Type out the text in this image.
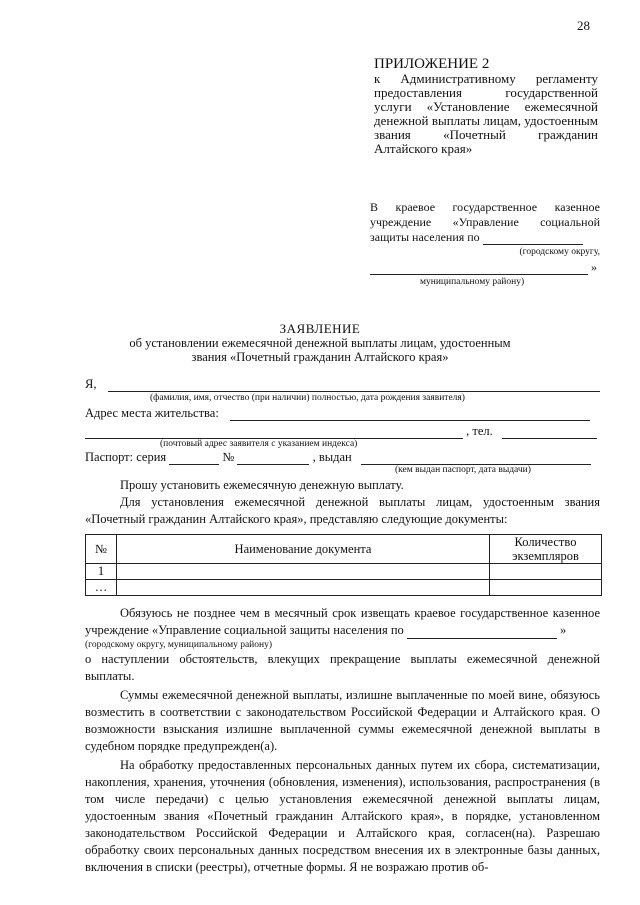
28
ПРИЛОЖЕНИЕ 2
к Административному регламенту предоставления государственной услуги «Установление ежемесячной денежной выплаты лицам, удостоенным звания «Почетный гражданин Алтайского края»
В краевое государственное казенное учреждение «Управление социальной защиты населения по
(городскому округу,
»
муниципальному району)
ЗАЯВЛЕНИЕ
об установлении ежемесячной денежной выплаты лицам, удостоенным
звания «Почетный гражданин Алтайского края»
Я,
(фамилия, имя, отчество (при наличии) полностью, дата рождения заявителя)
Адрес места жительства:
, тел.
(почтовый адрес заявителя с указанием индекса)
Паспорт: серия	№	, выдан
(кем выдан паспорт, дата выдачи)
Прошу установить ежемесячную денежную выплату.
Для установления ежемесячной денежной выплаты лицам, удостоенным звания «Почетный гражданин Алтайского края», представляю следующие документы:
№	Наименование документа	Количество
экземпляров
1		
…		
Обязуюсь не позднее чем в месячный срок извещать краевое государственное казенное учреждение «Управление социальной защиты населения по	»
(городскому округу, муниципальному району)
о наступлении обстоятельств, влекущих прекращение выплаты ежемесячной денежной выплаты.
Суммы ежемесячной денежной выплаты, излишне выплаченные по моей вине, обязуюсь возместить в соответствии с законодательством Российской Федерации и Алтайского края. О возможности взыскания излишне выплаченной суммы ежемесячной денежной выплаты в судебном порядке предупрежден(а).
На обработку предоставленных персональных данных путем их сбора, систематизации, накопления, хранения, уточнения (обновления, изменения), использования, распространения (в том числе передачи) с целью установления ежемесячной денежной выплаты лицам, удостоенным звания «Почетный гражданин Алтайского края», в порядке, установленном законодательством Российской Федерации и Алтайского края, согласен(на). Разрешаю обработку своих персональных данных посредством внесения их в электронные базы данных, включения в списки (реестры), отчетные формы. Я не возражаю против об-
